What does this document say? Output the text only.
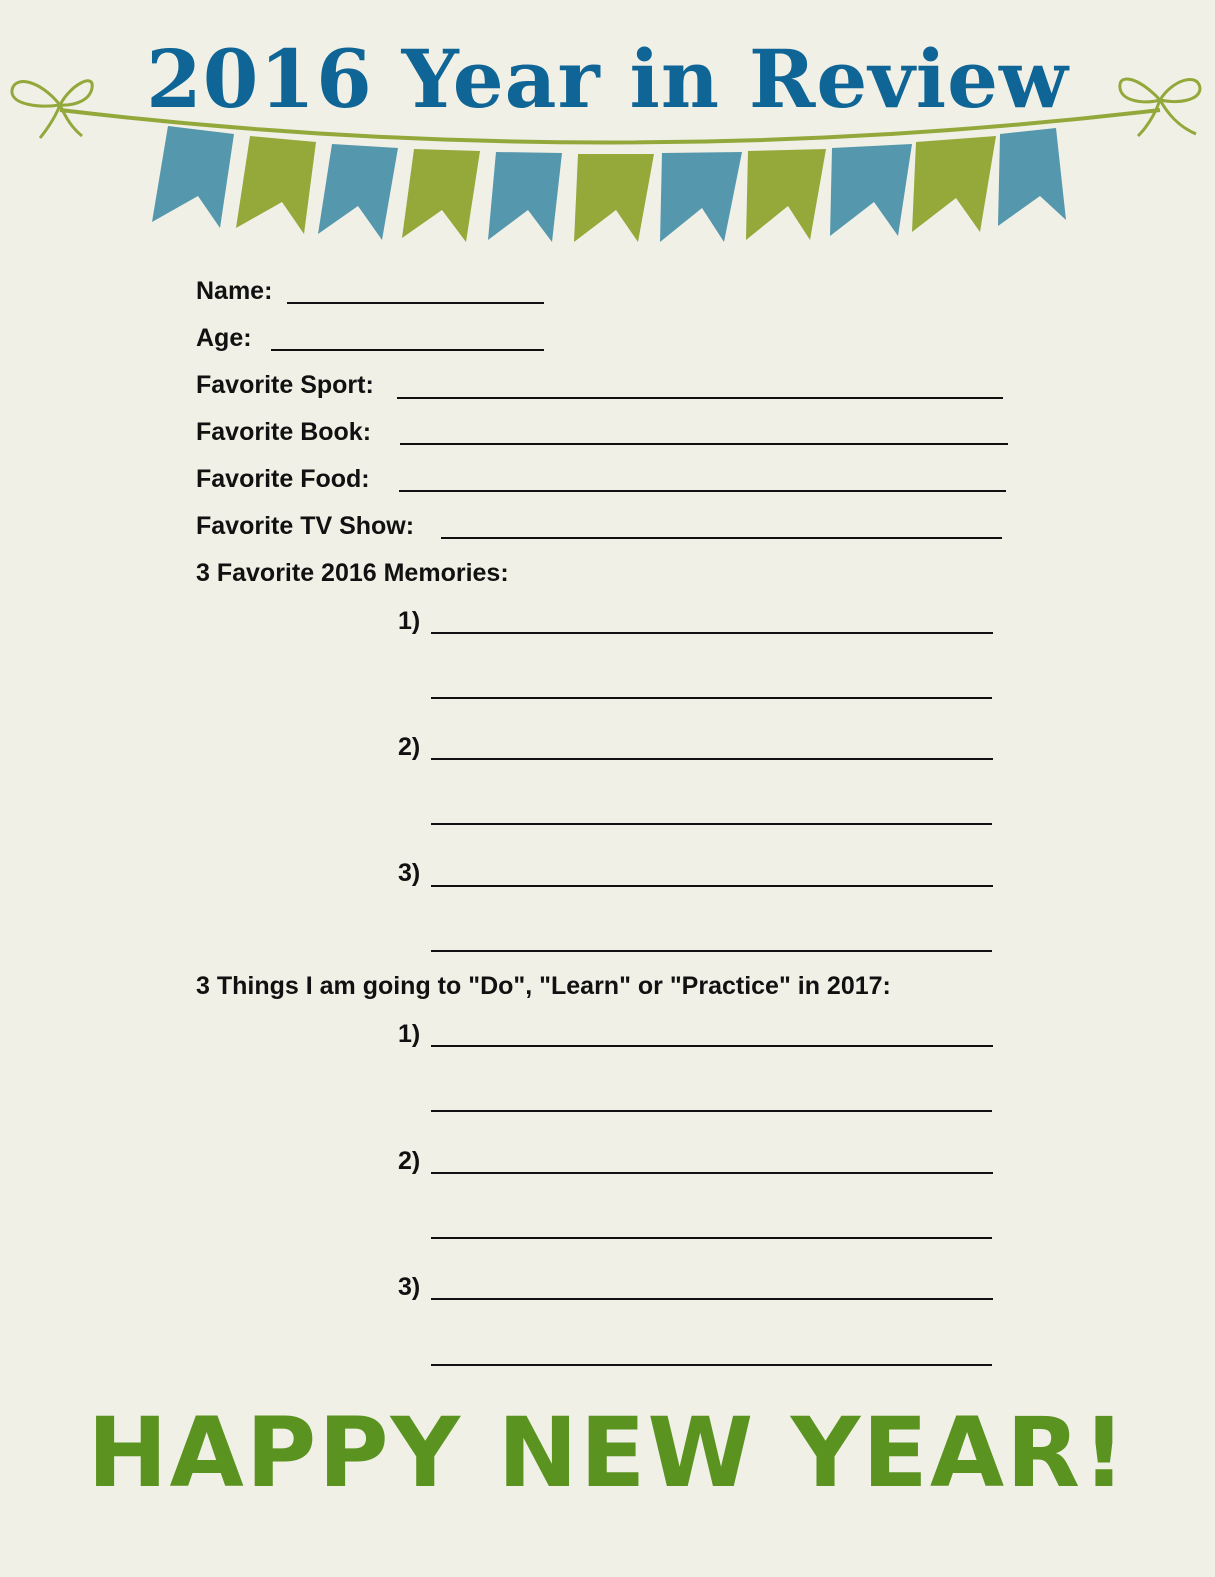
2016 Year in Review
Name:
Age:
Favorite Sport:
Favorite Book:
Favorite Food:
Favorite TV Show:
3 Favorite 2016 Memories:
1)
2)
3)
3 Things I am going to "Do", "Learn" or "Practice" in 2017:
1)
2)
3)
HAPPY NEW YEAR!
